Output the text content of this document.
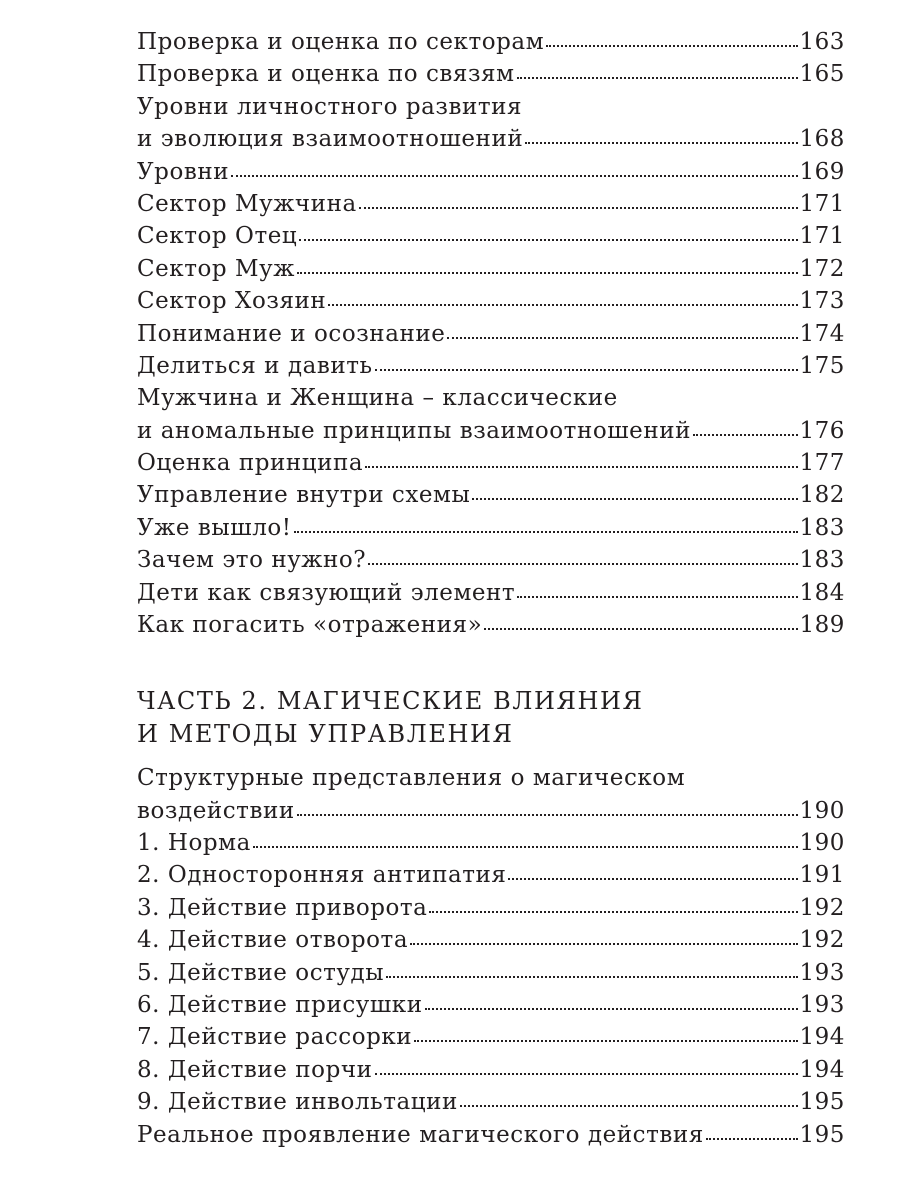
Проверка и оценка по секторам	163
Проверка и оценка по связям	165
Уровни личностного развития
и эволюция взаимоотношений	168
Уровни	169
Сектор Мужчина	171
Сектор Отец	171
Сектор Муж	172
Сектор Хозяин	173
Понимание и осознание	174
Делиться и давить	175
Мужчина и Женщина – классические
и аномальные принципы взаимоотношений	176
Оценка принципа	177
Управление внутри схемы	182
Уже вышло!	183
Зачем это нужно?	183
Дети как связующий элемент	184
Как погасить «отражения»	189
ЧАСТЬ 2. МАГИЧЕСКИЕ ВЛИЯНИЯ
И МЕТОДЫ УПРАВЛЕНИЯ
Структурные представления о магическом
воздействии	190
1. Норма	190
2. Односторонняя антипатия	191
3. Действие приворота	192
4. Действие отворота	192
5. Действие остуды	193
6. Действие присушки	193
7. Действие рассорки	194
8. Действие порчи	194
9. Действие инвольтации	195
Реальное проявление магического действия	195
